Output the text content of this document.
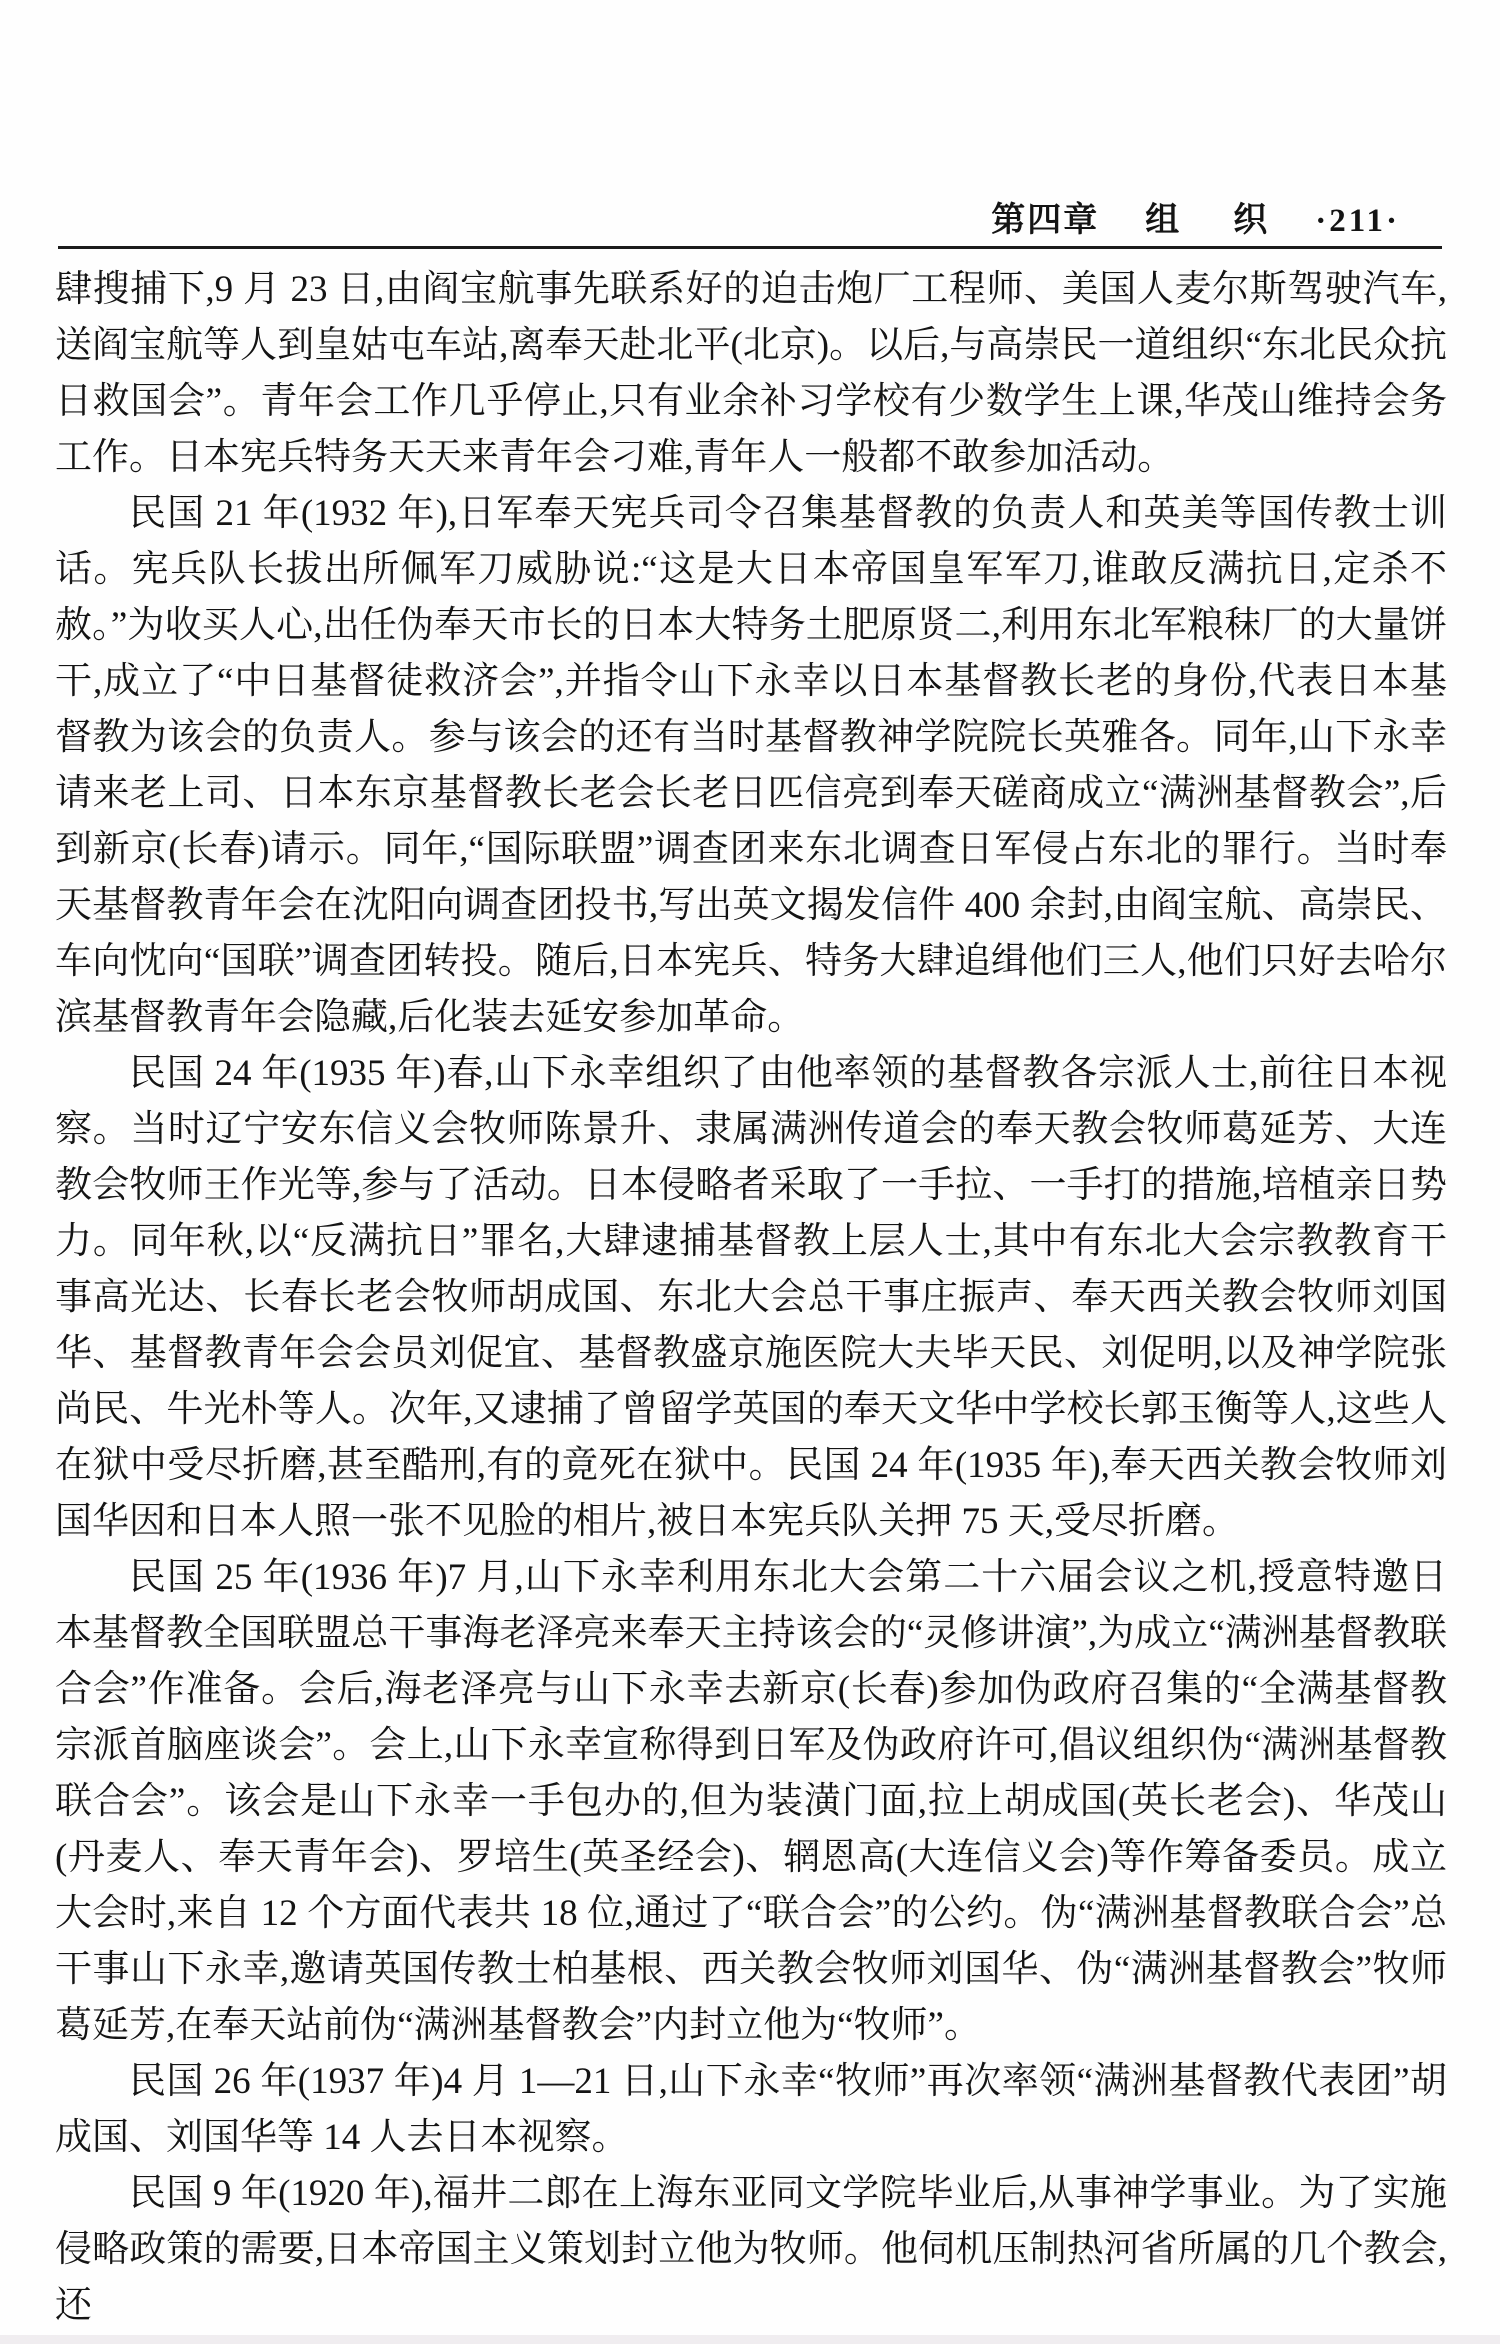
第四章 组　织 ·211·

肆搜捕下,9 月 23 日,由阎宝航事先联系好的迫击炮厂工程师、美国人麦尔斯驾驶汽车,送阎宝航等人到皇姑屯车站,离奉天赴北平(北京)。以后,与高崇民一道组织“东北民众抗日救国会”。青年会工作几乎停止,只有业余补习学校有少数学生上课,华茂山维持会务工作。日本宪兵特务天天来青年会刁难,青年人一般都不敢参加活动。

民国 21 年(1932 年),日军奉天宪兵司令召集基督教的负责人和英美等国传教士训话。宪兵队长拔出所佩军刀威胁说:“这是大日本帝国皇军军刀,谁敢反满抗日,定杀不赦。”为收买人心,出任伪奉天市长的日本大特务土肥原贤二,利用东北军粮秣厂的大量饼干,成立了“中日基督徒救济会”,并指令山下永幸以日本基督教长老的身份,代表日本基督教为该会的负责人。参与该会的还有当时基督教神学院院长英雅各。同年,山下永幸请来老上司、日本东京基督教长老会长老日匹信亮到奉天磋商成立“满洲基督教会”,后到新京(长春)请示。同年,“国际联盟”调查团来东北调查日军侵占东北的罪行。当时奉天基督教青年会在沈阳向调查团投书,写出英文揭发信件 400 余封,由阎宝航、高崇民、车向忱向“国联”调查团转投。随后,日本宪兵、特务大肆追缉他们三人,他们只好去哈尔滨基督教青年会隐藏,后化装去延安参加革命。

民国 24 年(1935 年)春,山下永幸组织了由他率领的基督教各宗派人士,前往日本视察。当时辽宁安东信义会牧师陈景升、隶属满洲传道会的奉天教会牧师葛延芳、大连教会牧师王作光等,参与了活动。日本侵略者采取了一手拉、一手打的措施,培植亲日势力。同年秋,以“反满抗日”罪名,大肆逮捕基督教上层人士,其中有东北大会宗教教育干事高光达、长春长老会牧师胡成国、东北大会总干事庄振声、奉天西关教会牧师刘国华、基督教青年会会员刘促宜、基督教盛京施医院大夫毕天民、刘促明,以及神学院张尚民、牛光朴等人。次年,又逮捕了曾留学英国的奉天文华中学校长郭玉衡等人,这些人在狱中受尽折磨,甚至酷刑,有的竟死在狱中。民国 24 年(1935 年),奉天西关教会牧师刘国华因和日本人照一张不见脸的相片,被日本宪兵队关押 75 天,受尽折磨。

民国 25 年(1936 年)7 月,山下永幸利用东北大会第二十六届会议之机,授意特邀日本基督教全国联盟总干事海老泽亮来奉天主持该会的“灵修讲演”,为成立“满洲基督教联合会”作准备。会后,海老泽亮与山下永幸去新京(长春)参加伪政府召集的“全满基督教宗派首脑座谈会”。会上,山下永幸宣称得到日军及伪政府许可,倡议组织伪“满洲基督教联合会”。该会是山下永幸一手包办的,但为装潢门面,拉上胡成国(英长老会)、华茂山(丹麦人、奉天青年会)、罗培生(英圣经会)、辋恩高(大连信义会)等作筹备委员。成立大会时,来自 12 个方面代表共 18 位,通过了“联合会”的公约。伪“满洲基督教联合会”总干事山下永幸,邀请英国传教士柏基根、西关教会牧师刘国华、伪“满洲基督教会”牧师葛延芳,在奉天站前伪“满洲基督教会”内封立他为“牧师”。

民国 26 年(1937 年)4 月 1—21 日,山下永幸“牧师”再次率领“满洲基督教代表团”胡成国、刘国华等 14 人去日本视察。

民国 9 年(1920 年),福井二郎在上海东亚同文学院毕业后,从事神学事业。为了实施侵略政策的需要,日本帝国主义策划封立他为牧师。他伺机压制热河省所属的几个教会,还
